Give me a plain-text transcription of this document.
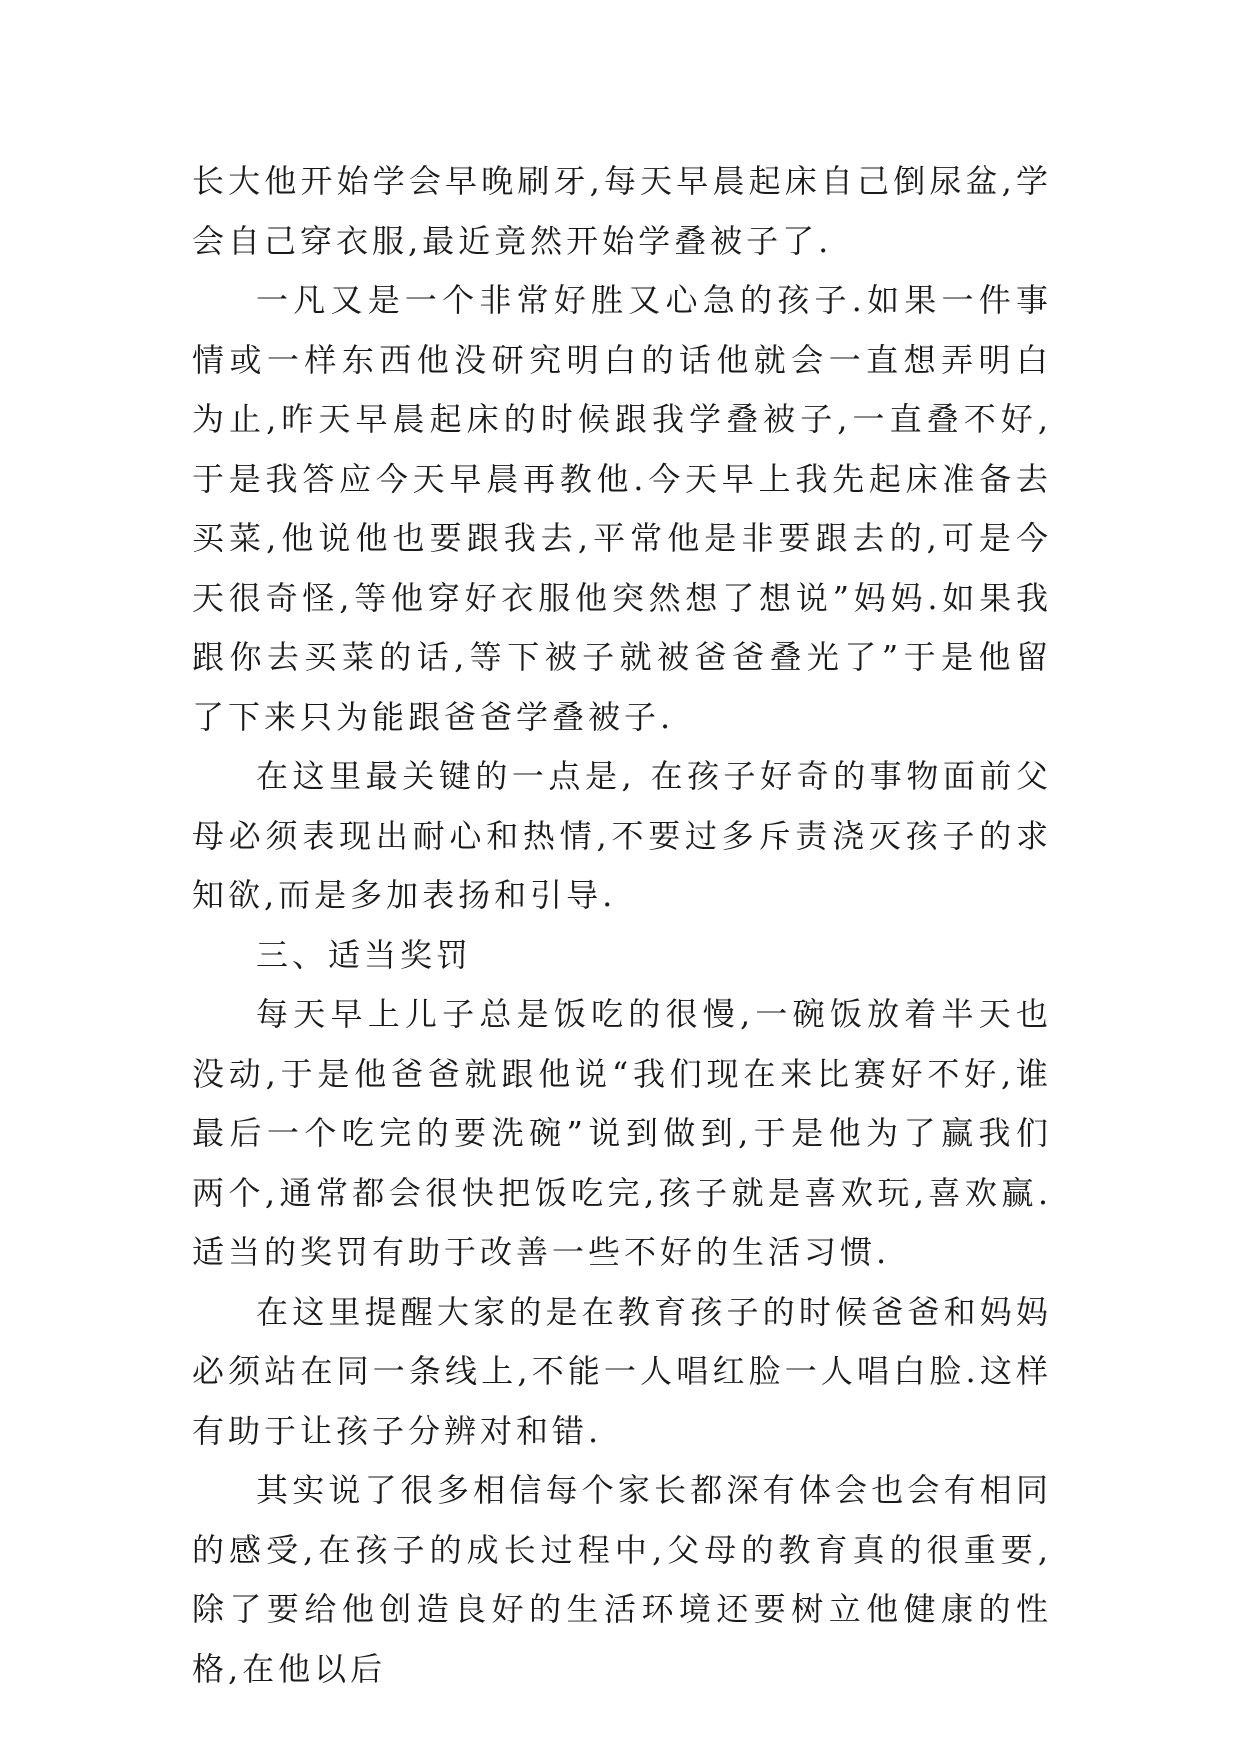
长大他开始学会早晚刷牙,每天早晨起床自己倒尿盆,学会自己穿衣服,最近竟然开始学叠被子了.

一凡又是一个非常好胜又心急的孩子.如果一件事情或一样东西他没研究明白的话他就会一直想弄明白为止,昨天早晨起床的时候跟我学叠被子,一直叠不好,于是我答应今天早晨再教他.今天早上我先起床准备去买菜,他说他也要跟我去,平常他是非要跟去的,可是今天很奇怪,等他穿好衣服他突然想了想说”妈妈.如果我跟你去买菜的话,等下被子就被爸爸叠光了”于是他留了下来只为能跟爸爸学叠被子.

在这里最关键的一点是, 在孩子好奇的事物面前父母必须表现出耐心和热情,不要过多斥责浇灭孩子的求知欲,而是多加表扬和引导.

三、适当奖罚

每天早上儿子总是饭吃的很慢,一碗饭放着半天也没动,于是他爸爸就跟他说“我们现在来比赛好不好,谁最后一个吃完的要洗碗”说到做到,于是他为了赢我们两个,通常都会很快把饭吃完,孩子就是喜欢玩,喜欢赢.适当的奖罚有助于改善一些不好的生活习惯.

在这里提醒大家的是在教育孩子的时候爸爸和妈妈必须站在同一条线上,不能一人唱红脸一人唱白脸.这样有助于让孩子分辨对和错.

其实说了很多相信每个家长都深有体会也会有相同的感受,在孩子的成长过程中,父母的教育真的很重要,除了要给他创造良好的生活环境还要树立他健康的性格,在他以后
